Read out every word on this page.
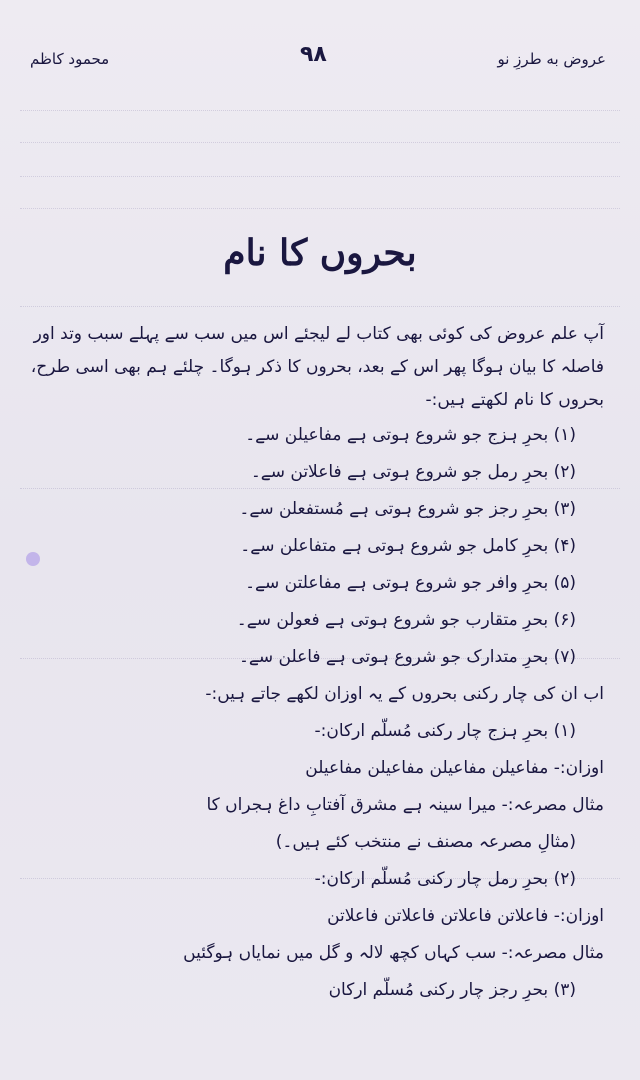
عروض به طرزِ نو
۹۸
محمود کاظم
بحروں کا نام

آپ علم عروض کی کوئی بھی کتاب لے لیجئے اس میں سب سے پہلے سبب وتد اور فاصلہ کا بیان ہوگا پھر اس کے بعد، بحروں کا ذکر ہوگا۔ چلئے ہم بھی اسی طرح، بحروں کا نام لکھتے ہیں:-

(۱) بحرِ ہزج جو شروع ہوتی ہے مفاعیلن سے۔
(۲) بحرِ رمل جو شروع ہوتی ہے فاعلاتن سے۔
(۳) بحرِ رجز جو شروع ہوتی ہے مُستفعلن سے۔
(۴) بحرِ کامل جو شروع ہوتی ہے متفاعلن سے۔
(۵) بحرِ وافر جو شروع ہوتی ہے مفاعلتن سے۔
(۶) بحرِ متقارب جو شروع ہوتی ہے فعولن سے۔
(۷) بحرِ متدارک جو شروع ہوتی ہے فاعلن سے۔
اب ان کی چار رکنی بحروں کے یہ اوزان لکھے جاتے ہیں:-
(۱) بحرِ ہزج چار رکنی مُسلّم ارکان:-
اوزان:- مفاعیلن مفاعیلن مفاعیلن مفاعیلن
مثال مصرعہ:- میرا سینہ ہے مشرق آفتابِ داغ ہجراں کا
(مثالِ مصرعہ مصنف نے منتخب کئے ہیں۔)
(۲) بحرِ رمل چار رکنی مُسلّم ارکان:-
اوزان:- فاعلاتن فاعلاتن فاعلاتن فاعلاتن
مثال مصرعہ:- سب کہاں کچھ لالہ و گل میں نمایاں ہوگئیں
(۳) بحرِ رجز چار رکنی مُسلّم ارکان
